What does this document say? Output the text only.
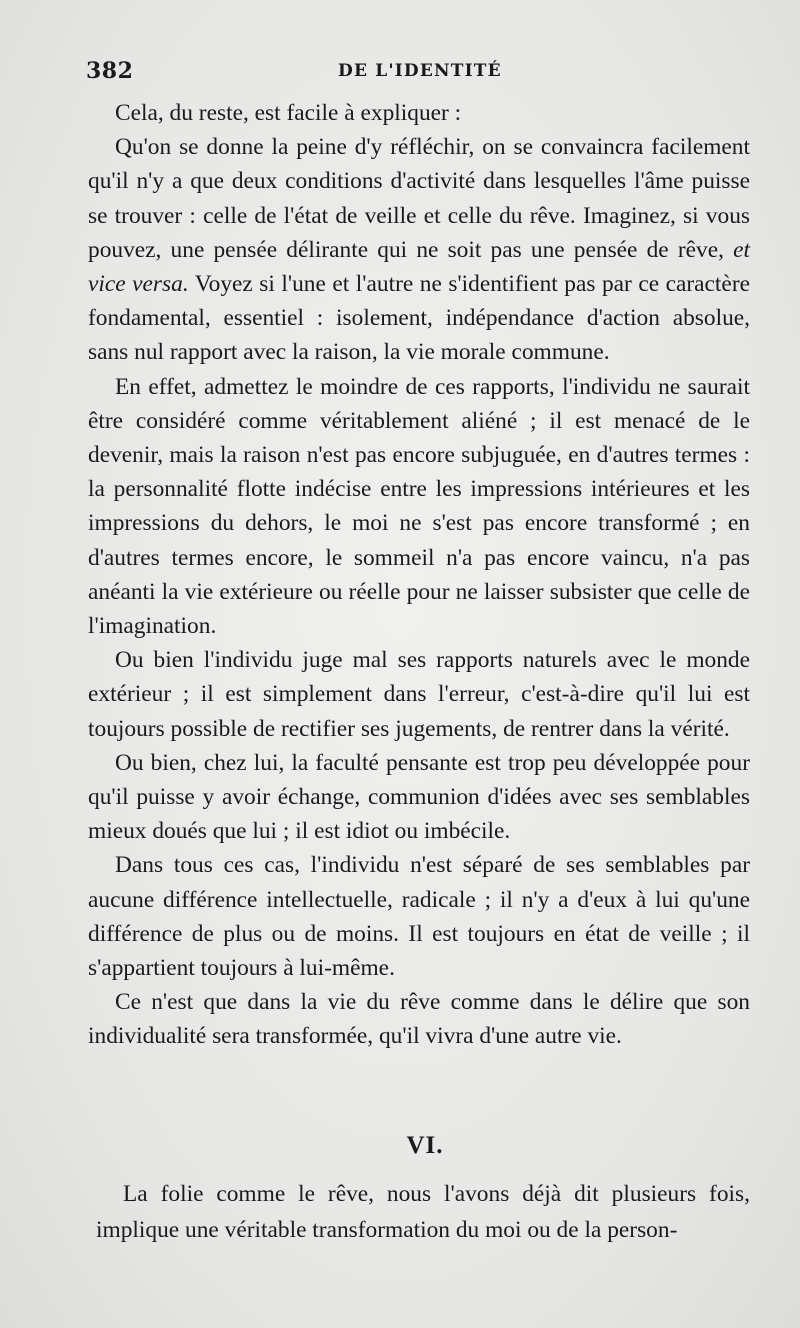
382	DE L'IDENTITÉ

Cela, du reste, est facile à expliquer :

Qu'on se donne la peine d'y réfléchir, on se convaincra facilement qu'il n'y a que deux conditions d'activité dans lesquelles l'âme puisse se trouver : celle de l'état de veille et celle du rêve. Imaginez, si vous pouvez, une pensée délirante qui ne soit pas une pensée de rêve, et vice versa. Voyez si l'une et l'autre ne s'identifient pas par ce caractère fondamental, essentiel : isolement, indépendance d'action absolue, sans nul rapport avec la raison, la vie morale commune.

En effet, admettez le moindre de ces rapports, l'individu ne saurait être considéré comme véritablement aliéné ; il est menacé de le devenir, mais la raison n'est pas encore subjuguée, en d'autres termes : la personnalité flotte indécise entre les impressions intérieures et les impressions du dehors, le moi ne s'est pas encore transformé ; en d'autres termes encore, le sommeil n'a pas encore vaincu, n'a pas anéanti la vie extérieure ou réelle pour ne laisser subsister que celle de l'imagination.

Ou bien l'individu juge mal ses rapports naturels avec le monde extérieur ; il est simplement dans l'erreur, c'est-à-dire qu'il lui est toujours possible de rectifier ses jugements, de rentrer dans la vérité.

Ou bien, chez lui, la faculté pensante est trop peu développée pour qu'il puisse y avoir échange, communion d'idées avec ses semblables mieux doués que lui ; il est idiot ou imbécile.

Dans tous ces cas, l'individu n'est séparé de ses semblables par aucune différence intellectuelle, radicale ; il n'y a d'eux à lui qu'une différence de plus ou de moins. Il est toujours en état de veille ; il s'appartient toujours à lui-même.

Ce n'est que dans la vie du rêve comme dans le délire que son individualité sera transformée, qu'il vivra d'une autre vie.

VI.

La folie comme le rêve, nous l'avons déjà dit plusieurs fois, implique une véritable transformation du moi ou de la person-
